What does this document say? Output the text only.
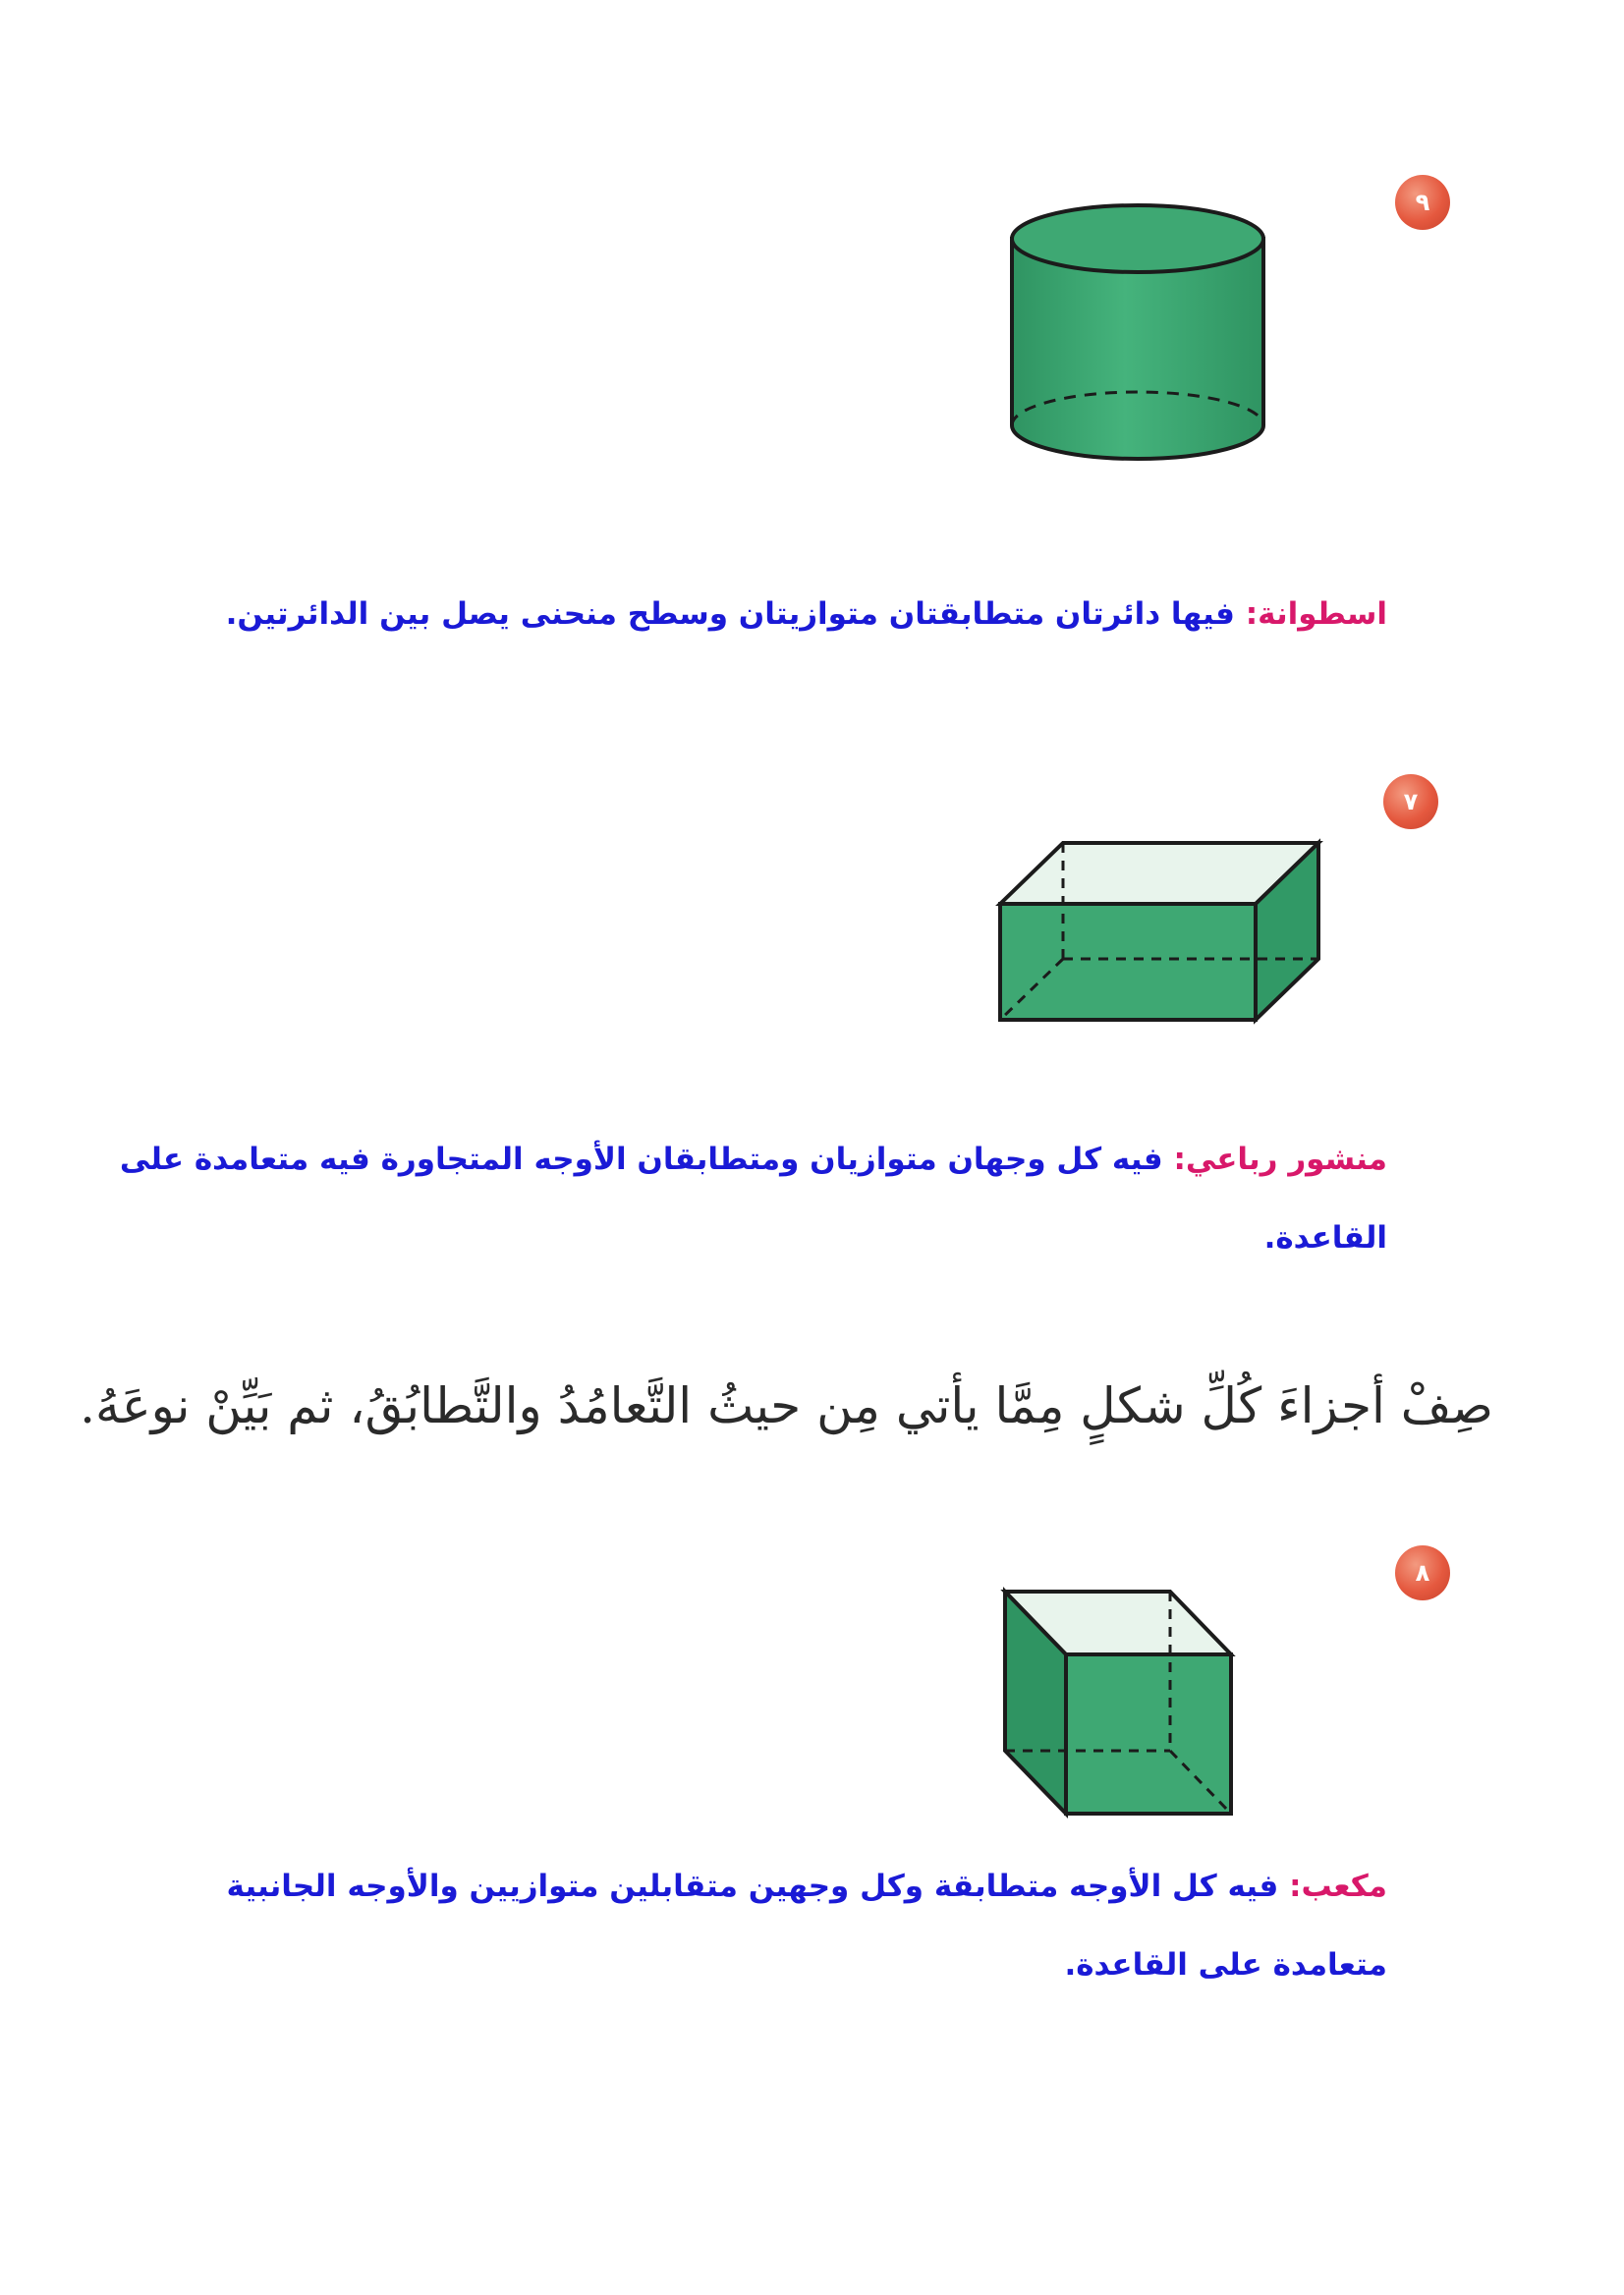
٩

اسطوانة: فيها دائرتان متطابقتان متوازيتان وسطح منحنى يصل بين الدائرتين.

٧

منشور رباعي: فيه كل وجهان متوازيان ومتطابقان الأوجه المتجاورة فيه متعامدة على القاعدة.

صِفْ أجزاءَ كُلِّ شكلٍ مِمَّا يأتي مِن حيثُ التَّعامُدُ والتَّطابُقُ، ثم بَيِّنْ نوعَهُ.

٨

مكعب: فيه كل الأوجه متطابقة وكل وجهين متقابلين متوازيين والأوجه الجانبية متعامدة على القاعدة.
